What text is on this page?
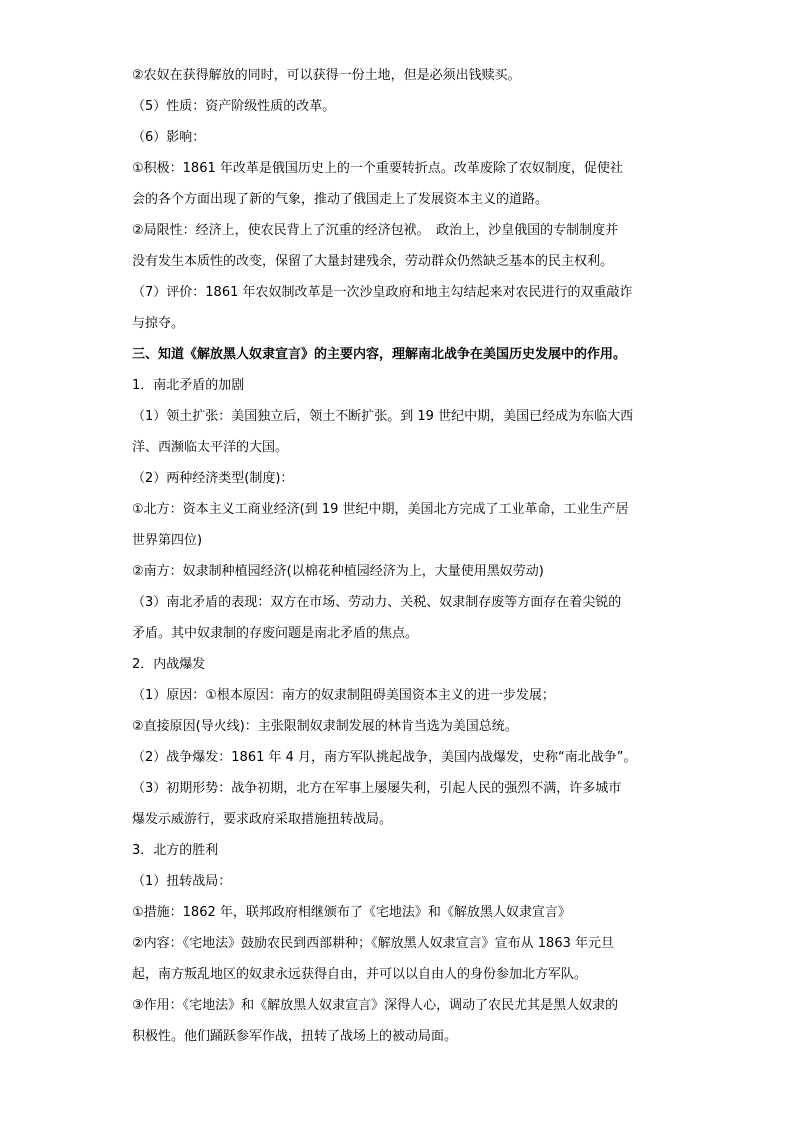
②农奴在获得解放的同时，可以获得一份土地，但是必须出钱赎买。
（5）性质：资产阶级性质的改革。
（6）影响：
①积极：1861 年改革是俄国历史上的一个重要转折点。改革废除了农奴制度，促使社
会的各个方面出现了新的气象，推动了俄国走上了发展资本主义的道路。
②局限性：经济上，使农民背上了沉重的经济包袱。　政治上，沙皇俄国的专制制度并
没有发生本质性的改变，保留了大量封建残余，劳动群众仍然缺乏基本的民主权利。
（7）评价：1861 年农奴制改革是一次沙皇政府和地主勾结起来对农民进行的双重敲诈
与掠夺。
三、知道《解放黑人奴隶宣言》的主要内容，理解南北战争在美国历史发展中的作用。
1．南北矛盾的加剧
（1）领土扩张：美国独立后，领土不断扩张。到 19 世纪中期，美国已经成为东临大西
洋、西濒临太平洋的大国。
（2）两种经济类型(制度)：
①北方：资本主义工商业经济(到 19 世纪中期，美国北方完成了工业革命，工业生产居
世界第四位)
②南方：奴隶制种植园经济(以棉花种植园经济为上，大量使用黑奴劳动)
（3）南北矛盾的表现：双方在市场、劳动力、关税、奴隶制存废等方面存在着尖锐的
矛盾。其中奴隶制的存废问题是南北矛盾的焦点。
2．内战爆发
（1）原因：①根本原因：南方的奴隶制阻碍美国资本主义的进一步发展；
②直接原因(导火线)：主张限制奴隶制发展的林肯当选为美国总统。
（2）战争爆发：1861 年 4 月，南方军队挑起战争，美国内战爆发，史称“南北战争”。
（3）初期形势：战争初期，北方在军事上屡屡失利，引起人民的强烈不满，许多城市
爆发示威游行，要求政府采取措施扭转战局。
3．北方的胜利
（1）扭转战局：
①措施：1862 年，联邦政府相继颁布了《宅地法》和《解放黑人奴隶宣言》
②内容：《宅地法》鼓励农民到西部耕种；《解放黑人奴隶宣言》宣布从 1863 年元旦
起，南方叛乱地区的奴隶永远获得自由，并可以以自由人的身份参加北方军队。
③作用：《宅地法》和《解放黑人奴隶宣言》深得人心，调动了农民尤其是黑人奴隶的
积极性。他们踊跃参军作战，扭转了战场上的被动局面。
